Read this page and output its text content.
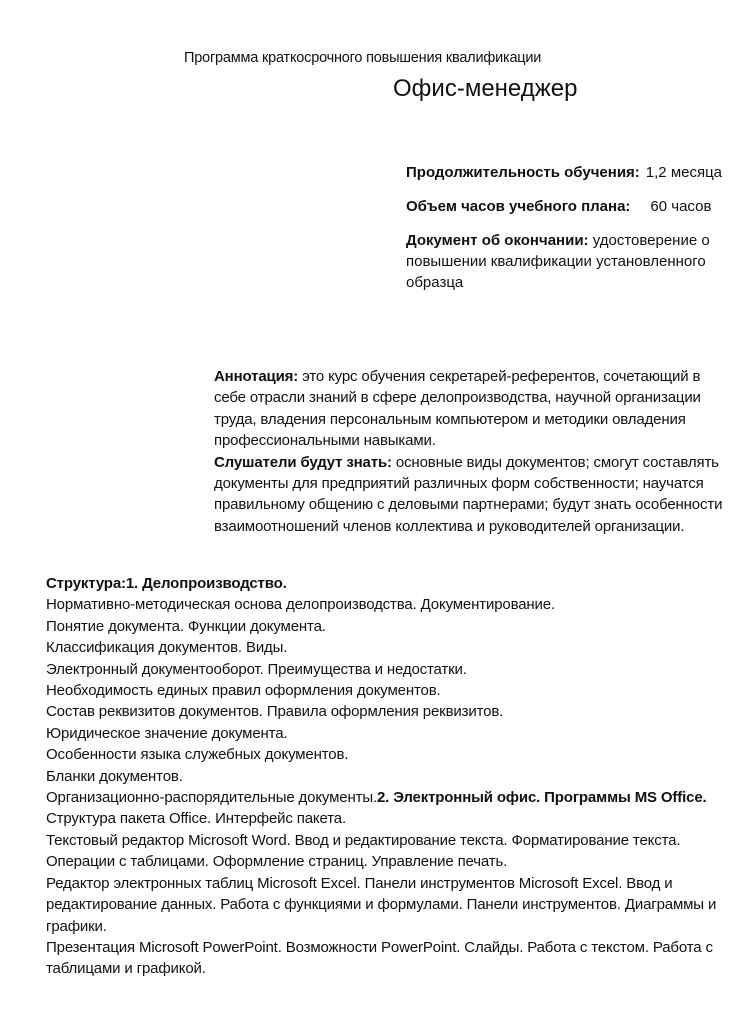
Программа краткосрочного повышения квалификации
Офис-менеджер
Продолжительность обучения: 1,2 месяца
Объем часов учебного плана: 60 часов
Документ об окончании: удостоверение о повышении квалификации установленного образца
Аннотация: это курс обучения секретарей-референтов, сочетающий в себе отрасли знаний в сфере делопроизводства, научной организации труда, владения персональным компьютером и методики овладения профессиональными навыками.
Слушатели будут знать: основные виды документов; смогут составлять документы для предприятий различных форм собственности; научатся правильному общению с деловыми партнерами; будут знать особенности взаимоотношений членов коллектива и руководителей организации.
Структура:1. Делопроизводство.
Нормативно-методическая основа делопроизводства. Документирование.
Понятие документа. Функции документа.
Классификация документов. Виды.
Электронный документооборот. Преимущества и недостатки.
Необходимость единых правил оформления документов.
Состав реквизитов документов. Правила оформления реквизитов.
Юридическое значение документа.
Особенности языка служебных документов.
Бланки документов.
Организационно-распорядительные документы.2. Электронный офис. Программы MS Office.
Структура пакета Office. Интерфейс пакета.
Текстовый редактор Microsoft Word. Ввод и редактирование текста. Форматирование текста.
Операции с таблицами. Оформление страниц. Управление печать.
Редактор электронных таблиц Microsoft Excel. Панели инструментов Microsoft Excel. Ввод и редактирование данных. Работа с функциями и формулами. Панели инструментов. Диаграммы и графики.
Презентация Microsoft PowerPoint. Возможности PowerPoint. Слайды. Работа с текстом. Работа с таблицами и графикой.
